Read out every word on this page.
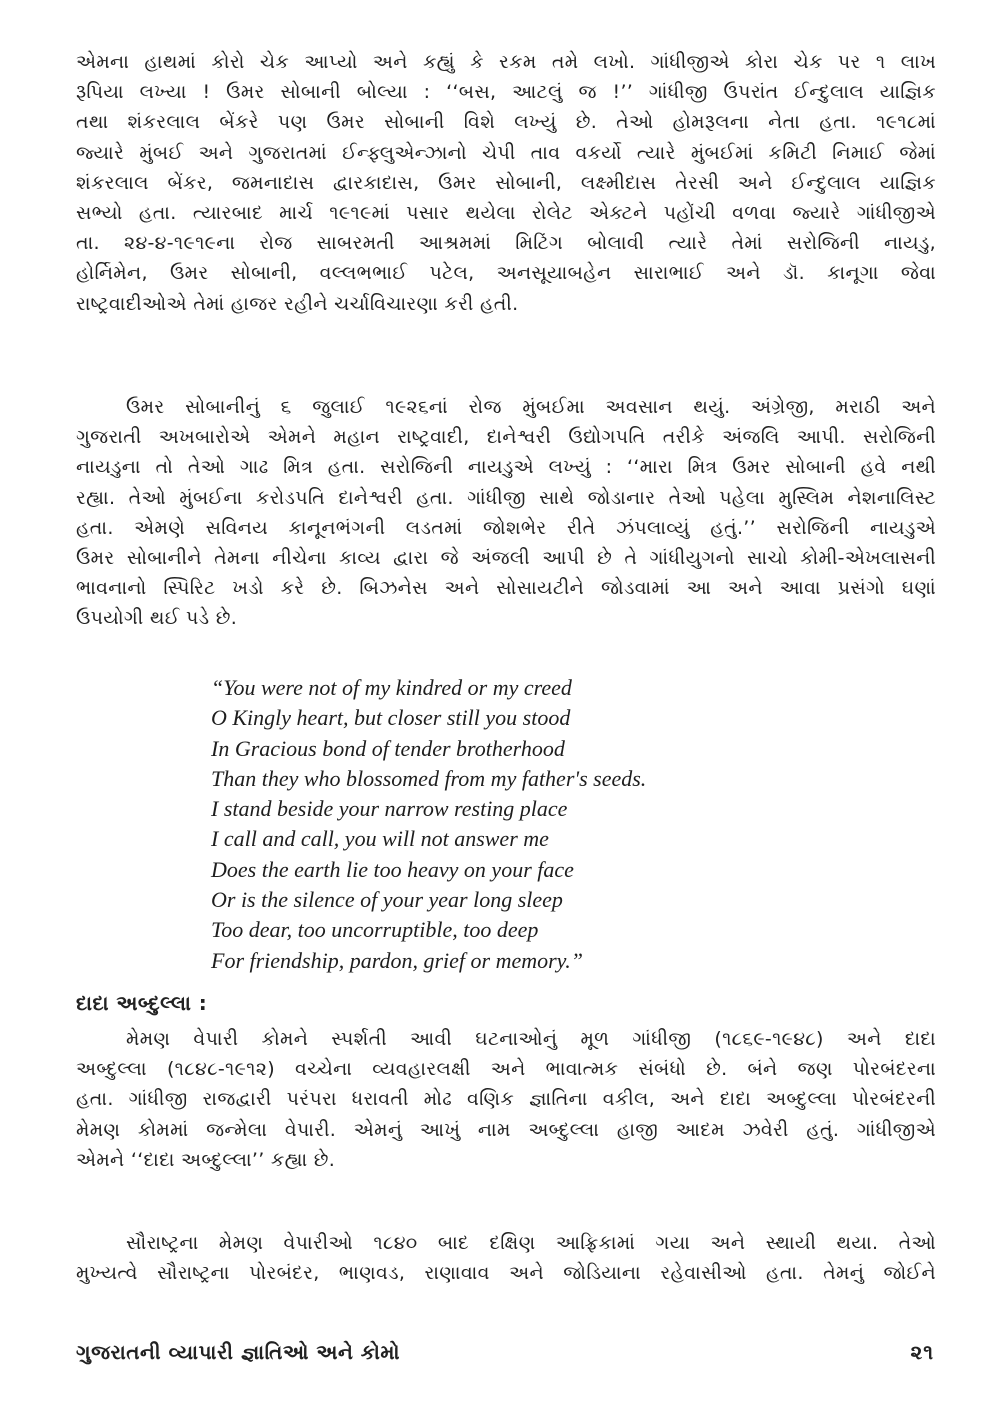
એમના હાથમાં કોરો ચેક આપ્યો અને કહ્યું કે રકમ તમે લખો. ગાંધીજીએ કોરા ચેક પર ૧ લાખ
રૂપિયા લખ્યા ! ઉમર સોબાની બોલ્યા : ‘‘બસ, આટલું જ !’’ ગાંધીજી ઉપરાંત ઈન્દુલાલ યાજ્ઞિક
તથા શંકરલાલ બેંકરે પણ ઉમર સોબાની વિશે લખ્યું છે. તેઓ હોમરૂલના નેતા હતા. ૧૯૧૮માં
જ્યારે મુંબઈ અને ગુજરાતમાં ઈન્ફ્લુએન્ઝાનો ચેપી તાવ વકર્યો ત્યારે મુંબઈમાં કમિટી નિમાઈ જેમાં
શંકરલાલ બેંકર, જમનાદાસ દ્વારકાદાસ, ઉમર સોબાની, લક્ષ્મીદાસ તેરસી અને ઈન્દુલાલ યાજ્ઞિક
સભ્યો હતા. ત્યારબાદ માર્ચ ૧૯૧૯માં પસાર થયેલા રોલેટ એક્ટને પહોંચી વળવા જ્યારે ગાંધીજીએ
તા. ૨૪-૪-૧૯૧૯ના રોજ સાબરમતી આશ્રમમાં મિટિંગ બોલાવી ત્યારે તેમાં સરોજિની નાયડુ,
હોર્નિમેન, ઉમર સોબાની, વલ્લભભાઈ પટેલ, અનસૂયાબહેન સારાભાઈ અને ડૉ. કાનૂગા જેવા
રાષ્ટ્રવાદીઓએ તેમાં હાજર રહીને ચર્ચાવિચારણા કરી હતી.
ઉમર સોબાનીનું ૬ જુલાઈ ૧૯૨૬નાં રોજ મુંબઈમા અવસાન થયું. અંગ્રેજી, મરાઠી અને
ગુજરાતી અખબારોએ એમને મહાન રાષ્ટ્રવાદી, દાનેશ્વરી ઉદ્યોગપતિ તરીકે અંજલિ આપી. સરોજિની
નાયડુના તો તેઓ ગાઢ મિત્ર હતા. સરોજિની નાયડુએ લખ્યું : ‘‘મારા મિત્ર ઉમર સોબાની હવે નથી
રહ્યા. તેઓ મુંબઈના કરોડપતિ દાનેશ્વરી હતા. ગાંધીજી સાથે જોડાનાર તેઓ પહેલા મુસ્લિમ નેશનાલિસ્ટ
હતા. એમણે સવિનય કાનૂનભંગની લડતમાં જોશભેર રીતે ઝંપલાવ્યું હતું.’’ સરોજિની નાયડુએ
ઉમર સોબાનીને તેમના નીચેના કાવ્ય દ્વારા જે અંજલી આપી છે તે ગાંધીયુગનો સાચો કોમી-એખલાસની
ભાવનાનો સ્પિરિટ ખડો કરે છે. બિઝનેસ અને સોસાયટીને જોડવામાં આ અને આવા પ્રસંગો ઘણાં
ઉપયોગી થઈ પડે છે.
“You were not of my kindred or my creed
O Kingly heart, but closer still you stood
In Gracious bond of tender brotherhood
Than they who blossomed from my father's seeds.
I stand beside your narrow resting place
I call and call, you will not answer me
Does the earth lie too heavy on your face
Or is the silence of your year long sleep
Too dear, too uncorruptible, too deep
For friendship, pardon, grief or memory.”
દાદા અબ્દુલ્લા :
મેમણ વેપારી કોમને સ્પર્શતી આવી ઘટનાઓનું મૂળ ગાંધીજી (૧૮૬૯-૧૯૪૮) અને દાદા
અબ્દુલ્લા (૧૮૪૮-૧૯૧૨) વચ્ચેના વ્યવહારલક્ષી અને ભાવાત્મક સંબંધો છે. બંને જણ પોરબંદરના
હતા. ગાંધીજી રાજદ્વારી પરંપરા ધરાવતી મોઢ વણિક જ્ઞાતિના વકીલ, અને દાદા અબ્દુલ્લા પોરબંદરની
મેમણ કોમમાં જન્મેલા વેપારી. એમનું આખું નામ અબ્દુલ્લા હાજી આદમ ઝવેરી હતું. ગાંધીજીએ
એમને ‘‘દાદા અબ્દુલ્લા’’ કહ્યા છે.
સૌરાષ્ટ્રના મેમણ વેપારીઓ ૧૮૪૦ બાદ દક્ષિણ આફ્રિકામાં ગયા અને સ્થાયી થયા. તેઓ
મુખ્યત્વે સૌરાષ્ટ્રના પોરબંદર, ભાણવડ, રાણાવાવ અને જોડિયાના રહેવાસીઓ હતા. તેમનું જોઈને
ગુજરાતની વ્યાપારી જ્ઞાતિઓ અને કોમો	૨૧
